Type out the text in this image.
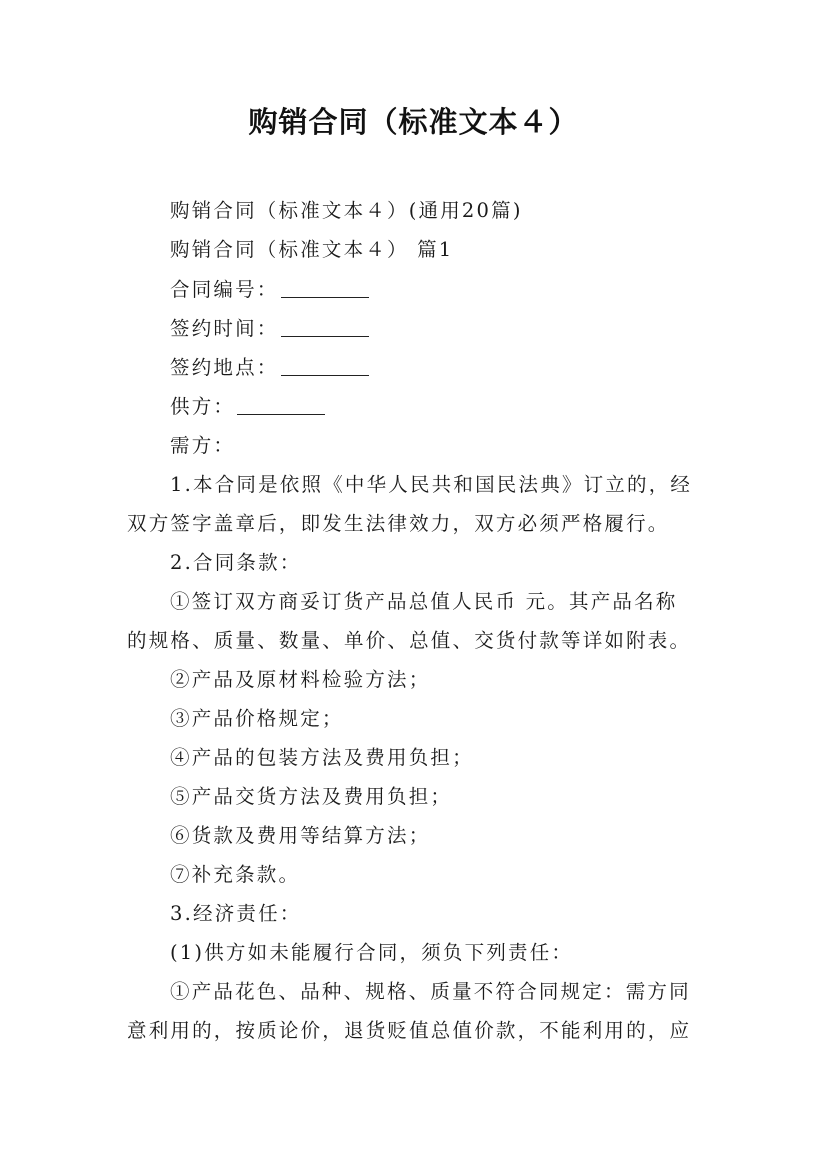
购销合同（标准文本４）
购销合同（标准文本４）(通用20篇)
购销合同（标准文本４） 篇1
合同编号：
签约时间：
签约地点：
供方：
需方：
1.本合同是依照《中华人民共和国民法典》订立的，经
双方签字盖章后，即发生法律效力，双方必须严格履行。
2.合同条款：
①签订双方商妥订货产品总值人民币 元。其产品名称
的规格、质量、数量、单价、总值、交货付款等详如附表。
②产品及原材料检验方法；
③产品价格规定；
④产品的包装方法及费用负担；
⑤产品交货方法及费用负担；
⑥货款及费用等结算方法；
⑦补充条款。
3.经济责任：
(1)供方如未能履行合同，须负下列责任：
①产品花色、品种、规格、质量不符合同规定：需方同
意利用的，按质论价，退货贬值总值价款，不能利用的，应
